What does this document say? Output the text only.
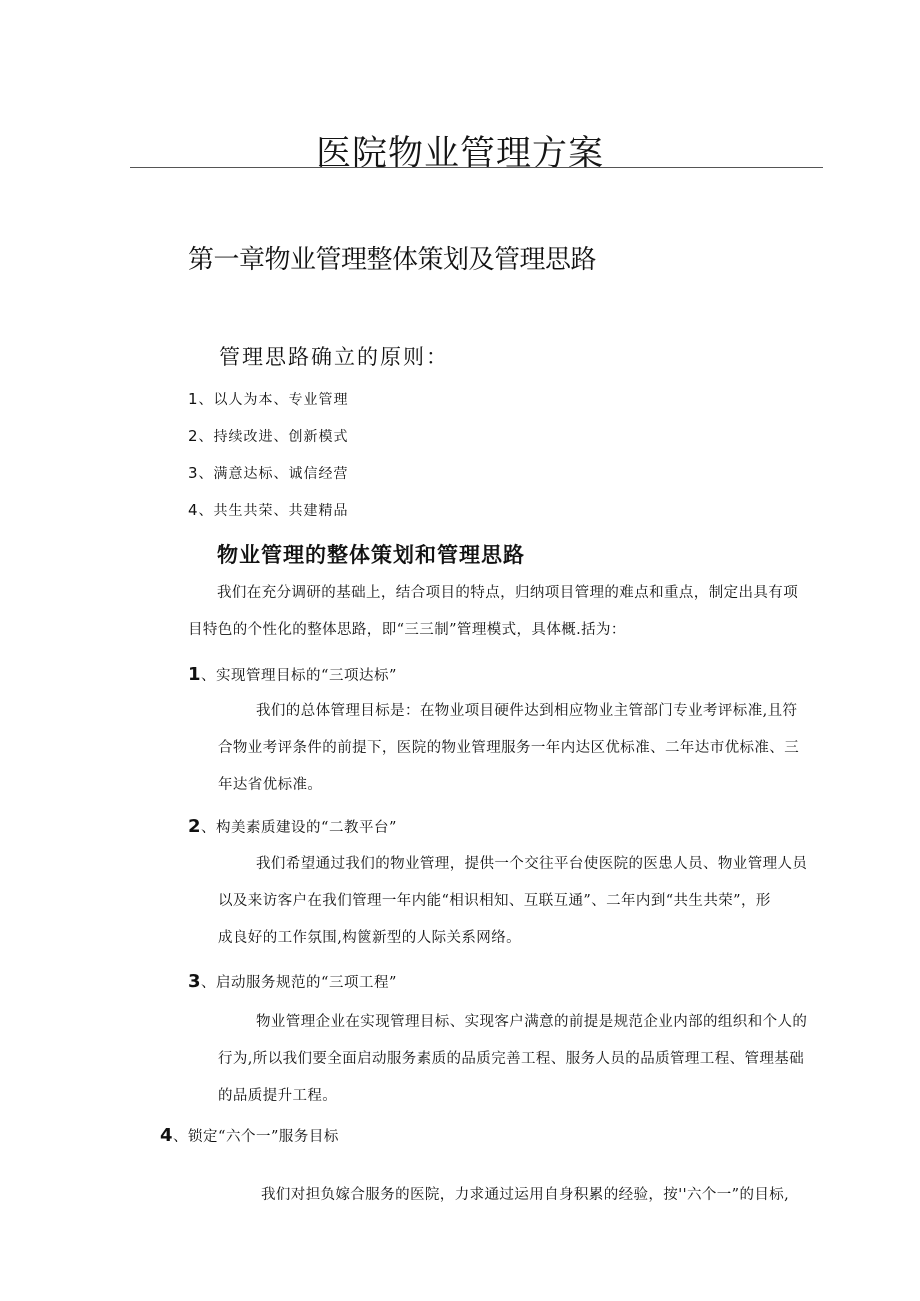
医院物业管理方案
第一章物业管理整体策划及管理思路
管理思路确立的原则：
1、以人为本、专业管理
2、持续改进、创新模式
3、满意达标、诚信经营
4、共生共荣、共建精品
物业管理的整体策划和管理思路
我们在充分调研的基础上，结合项目的特点，归纳项目管理的难点和重点，制定出具有项
目特色的个性化的整体思路，即“三三制”管理模式，具体概.括为：
1、实现管理目标的“三项达标”
我们的总体管理目标是：在物业项目硬件达到相应物业主管部门专业考评标准,且符
合物业考评条件的前提下，医院的物业管理服务一年内达区优标准、二年达市优标准、三
年达省优标准。
2、构美素质建设的“二教平台”
我们希望通过我们的物业管理，提供一个交往平台使医院的医患人员、物业管理人员
以及来访客户在我们管理一年内能“相识相知、互联互通”、二年内到“共生共荣”，形
成良好的工作氛围,构篋新型的人际关系网络。
3、启动服务规范的“三项工程”
物业管理企业在实现管理目标、实现客户满意的前提是规范企业内部的组织和个人的
行为,所以我们要全面启动服务素质的品质完善工程、服务人员的品质管理工程、管理基础
的品质提升工程。
4、锁定“六个一”服务目标
我们对担负嫁合服务的医院，力求通过运用自身积累的经验，按''六个一”的目标,
